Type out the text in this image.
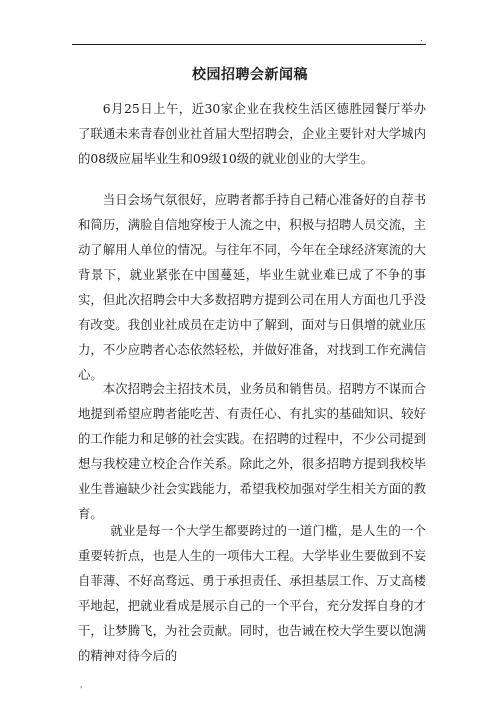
.
校园招聘会新闻稿

6月25日上午，近30家企业在我校生活区德胜园餐厅举办了联通未来青春创业社首届大型招聘会，企业主要针对大学城内的08级应届毕业生和09级10级的就业创业的大学生。

当日会场气氛很好，应聘者都手持自己精心准备好的自荐书和简历，满脸自信地穿梭于人流之中，积极与招聘人员交流，主动了解用人单位的情况。与往年不同，今年在全球经济寒流的大背景下，就业紧张在中国蔓延，毕业生就业难已成了不争的事实，但此次招聘会中大多数招聘方提到公司在用人方面也几乎没有改变。我创业社成员在走访中了解到，面对与日俱增的就业压力，不少应聘者心态依然轻松，并做好准备，对找到工作充满信心。

本次招聘会主招技术员，业务员和销售员。招聘方不谋而合地提到希望应聘者能吃苦、有责任心、有扎实的基础知识、较好的工作能力和足够的社会实践。在招聘的过程中，不少公司提到想与我校建立校企合作关系。除此之外，很多招聘方提到我校毕业生普遍缺少社会实践能力，希望我校加强对学生相关方面的教育。

就业是每一个大学生都要跨过的一道门槛，是人生的一个重要转折点，也是人生的一项伟大工程。大学毕业生要做到不妄自菲薄、不好高骛远、勇于承担责任、承担基层工作、万丈高楼平地起，把就业看成是展示自己的一个平台，充分发挥自身的才干，让梦腾飞，为社会贡献。同时，也告诫在校大学生要以饱满的精神对待今后的

'
